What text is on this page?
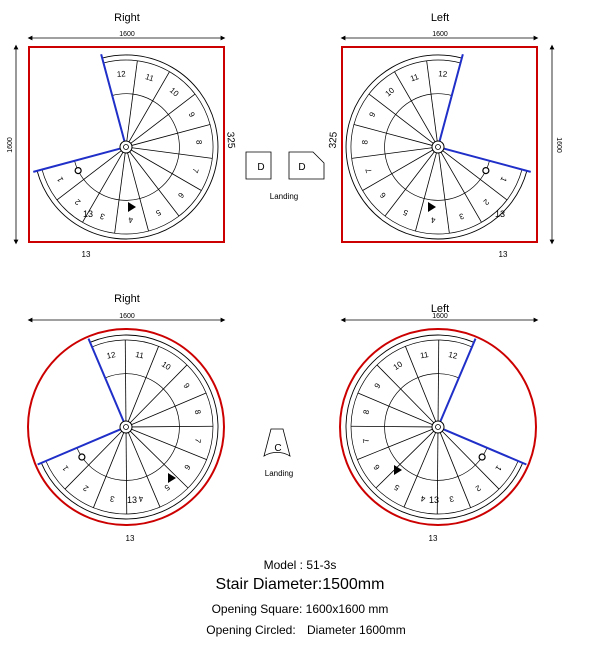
Right
1600
1600
1
2
3	4
5
6
7
8
9
10
11
12
325
13
13
Left
1600
1600
1
2
3
4
5
6
7
8
9
10
11 12
325
13
13
D	D
Landing
Right
1600
1
2
3	4
5
6
7
8
9
10
11
12
13
13
Left
1600
1
2
3
4
5
6
7
8
9
10
11 12
13
13
C
Landing
Model : 51-3s
Stair Diameter:1500mm
Opening Square: 1600x1600 mm
Opening Circled: Diameter 1600mm
